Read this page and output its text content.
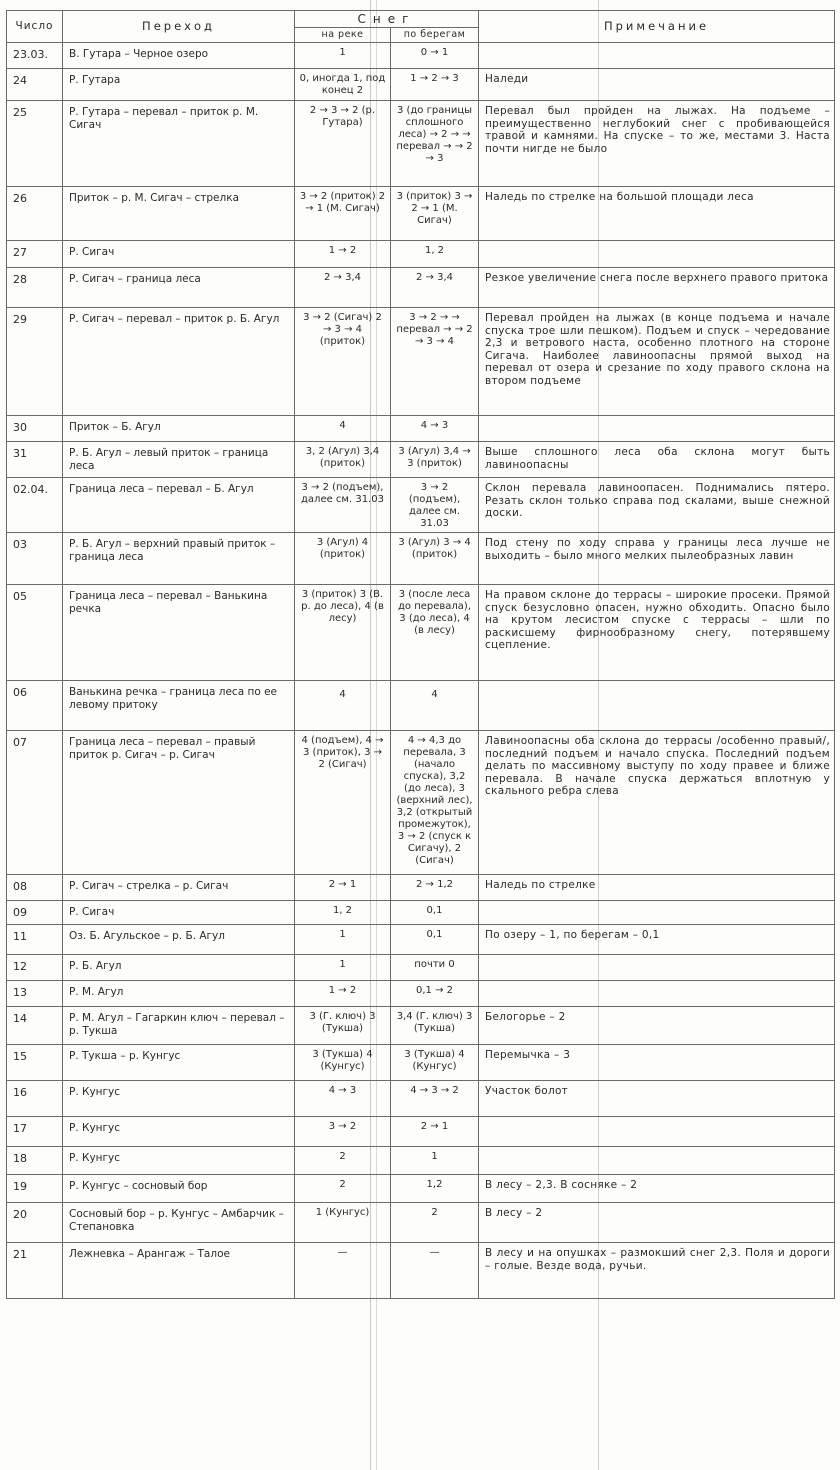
Число	Переход	Снег		Примечание
		на реке	по берегам	
23.03.	В. Гутара – Черное озеро	1	0 → 1	
24	Р. Гутара	0, иногда 1, под конец 2	1 → 2 → 3	Наледи
25	Р. Гутара – перевал – приток р. М. Сигач	2 → 3 → 2 (р. Гутара)	3 (до границы сплошного леса) → 2 → → перевал → → 2 → 3	Перевал был пройден на лыжах. На подъеме – преимущественно неглубокий снег с пробивающейся травой и камнями. На спуске – то же, местами 3. Наста почти нигде не было
26	Приток – р. М. Сигач – стрелка	3 → 2 (приток) 2 → 1 (М. Сигач)	3 (приток) 3 → 2 → 1 (М. Сигач)	Наледь по стрелке на большой площади леса
27	Р. Сигач	1 → 2	1, 2	
28	Р. Сигач – граница леса	2 → 3,4	2 → 3,4	Резкое увеличение снега после верхнего правого притока
29	Р. Сигач – перевал – приток р. Б. Агул	3 → 2 (Сигач) 2 → 3 → 4 (приток)	3 → 2 → → перевал → → 2 → 3 → 4	Перевал пройден на лыжах (в конце подъема и начале спуска трое шли пешком). Подъем и спуск – чередование 2,3 и ветрового наста, особенно плотного на стороне Сигача. Наиболее лавиноопасны прямой выход на перевал от озера и срезание по ходу правого склона на втором подъеме
30	Приток – Б. Агул	4	4 → 3	
31	Р. Б. Агул – левый приток – граница леса	3, 2 (Агул) 3,4 (приток)	3 (Агул) 3,4 → 3 (приток)	Выше сплошного леса оба склона могут быть лавиноопасны
02.04.	Граница леса – перевал – Б. Агул	3 → 2 (подъем), далее см. 31.03	3 → 2 (подъем), далее см. 31.03	Склон перевала лавиноопасен. Поднимались пятеро. Резать склон только справа под скалами, выше снежной доски.
03	Р. Б. Агул – верхний правый приток – граница леса	3 (Агул) 4 (приток)	3 (Агул) 3 → 4 (приток)	Под стену по ходу справа у границы леса лучше не выходить – было много мелких пылеобразных лавин
05	Граница леса – перевал – Ванькина речка	3 (приток) 3 (В. р. до леса), 4 (в лесу)	3 (после леса до перевала), 3 (до леса), 4 (в лесу)	На правом склоне до террасы – широкие просеки. Прямой спуск безусловно опасен, нужно обходить. Опасно было на крутом лесистом спуске с террасы – шли по раскисшему фирнообразному снегу, потерявшему сцепление.
06	Ванькина речка – граница леса по ее левому притоку	4	4	
07	Граница леса – перевал – правый приток р. Сигач – р. Сигач	4 (подъем), 4 → 3 (приток), 3 → 2 (Сигач)	4 → 4,3 до перевала, 3 (начало спуска), 3,2 (до леса), 3 (верхний лес), 3,2 (открытый промежуток), 3 → 2 (спуск к Сигачу), 2 (Сигач)	Лавиноопасны оба склона до террасы /особенно правый/, последний подъем и начало спуска. Последний подъем делать по массивному выступу по ходу правее и ближе перевала. В начале спуска держаться вплотную у скального ребра слева
08	Р. Сигач – стрелка – р. Сигач	2 → 1	2 → 1,2	Наледь по стрелке
09	Р. Сигач	1, 2	0,1	
11	Оз. Б. Агульское – р. Б. Агул	1	0,1	По озеру – 1, по берегам – 0,1
12	Р. Б. Агул	1	почти 0	
13	Р. М. Агул	1 → 2	0,1 → 2	
14	Р. М. Агул – Гагаркин ключ – перевал – р. Тукша	3 (Г. ключ) 3 (Тукша)	3,4 (Г. ключ) 3 (Тукша)	Белогорье – 2
15	Р. Тукша – р. Кунгус	3 (Тукша) 4 (Кунгус)	3 (Тукша) 4 (Кунгус)	Перемычка – 3
16	Р. Кунгус	4 → 3	4 → 3 → 2	Участок болот
17	Р. Кунгус	3 → 2	2 → 1	
18	Р. Кунгус	2	1	
19	Р. Кунгус – сосновый бор	2	1,2	В лесу – 2,3. В сосняке – 2
20	Сосновый бор – р. Кунгус – Амбарчик – Степановка	1 (Кунгус)	2	В лесу – 2
21	Лежневка – Арангаж – Талое	—	—	В лесу и на опушках – размокший снег 2,3. Поля и дороги – голые. Везде вода, ручьи.
